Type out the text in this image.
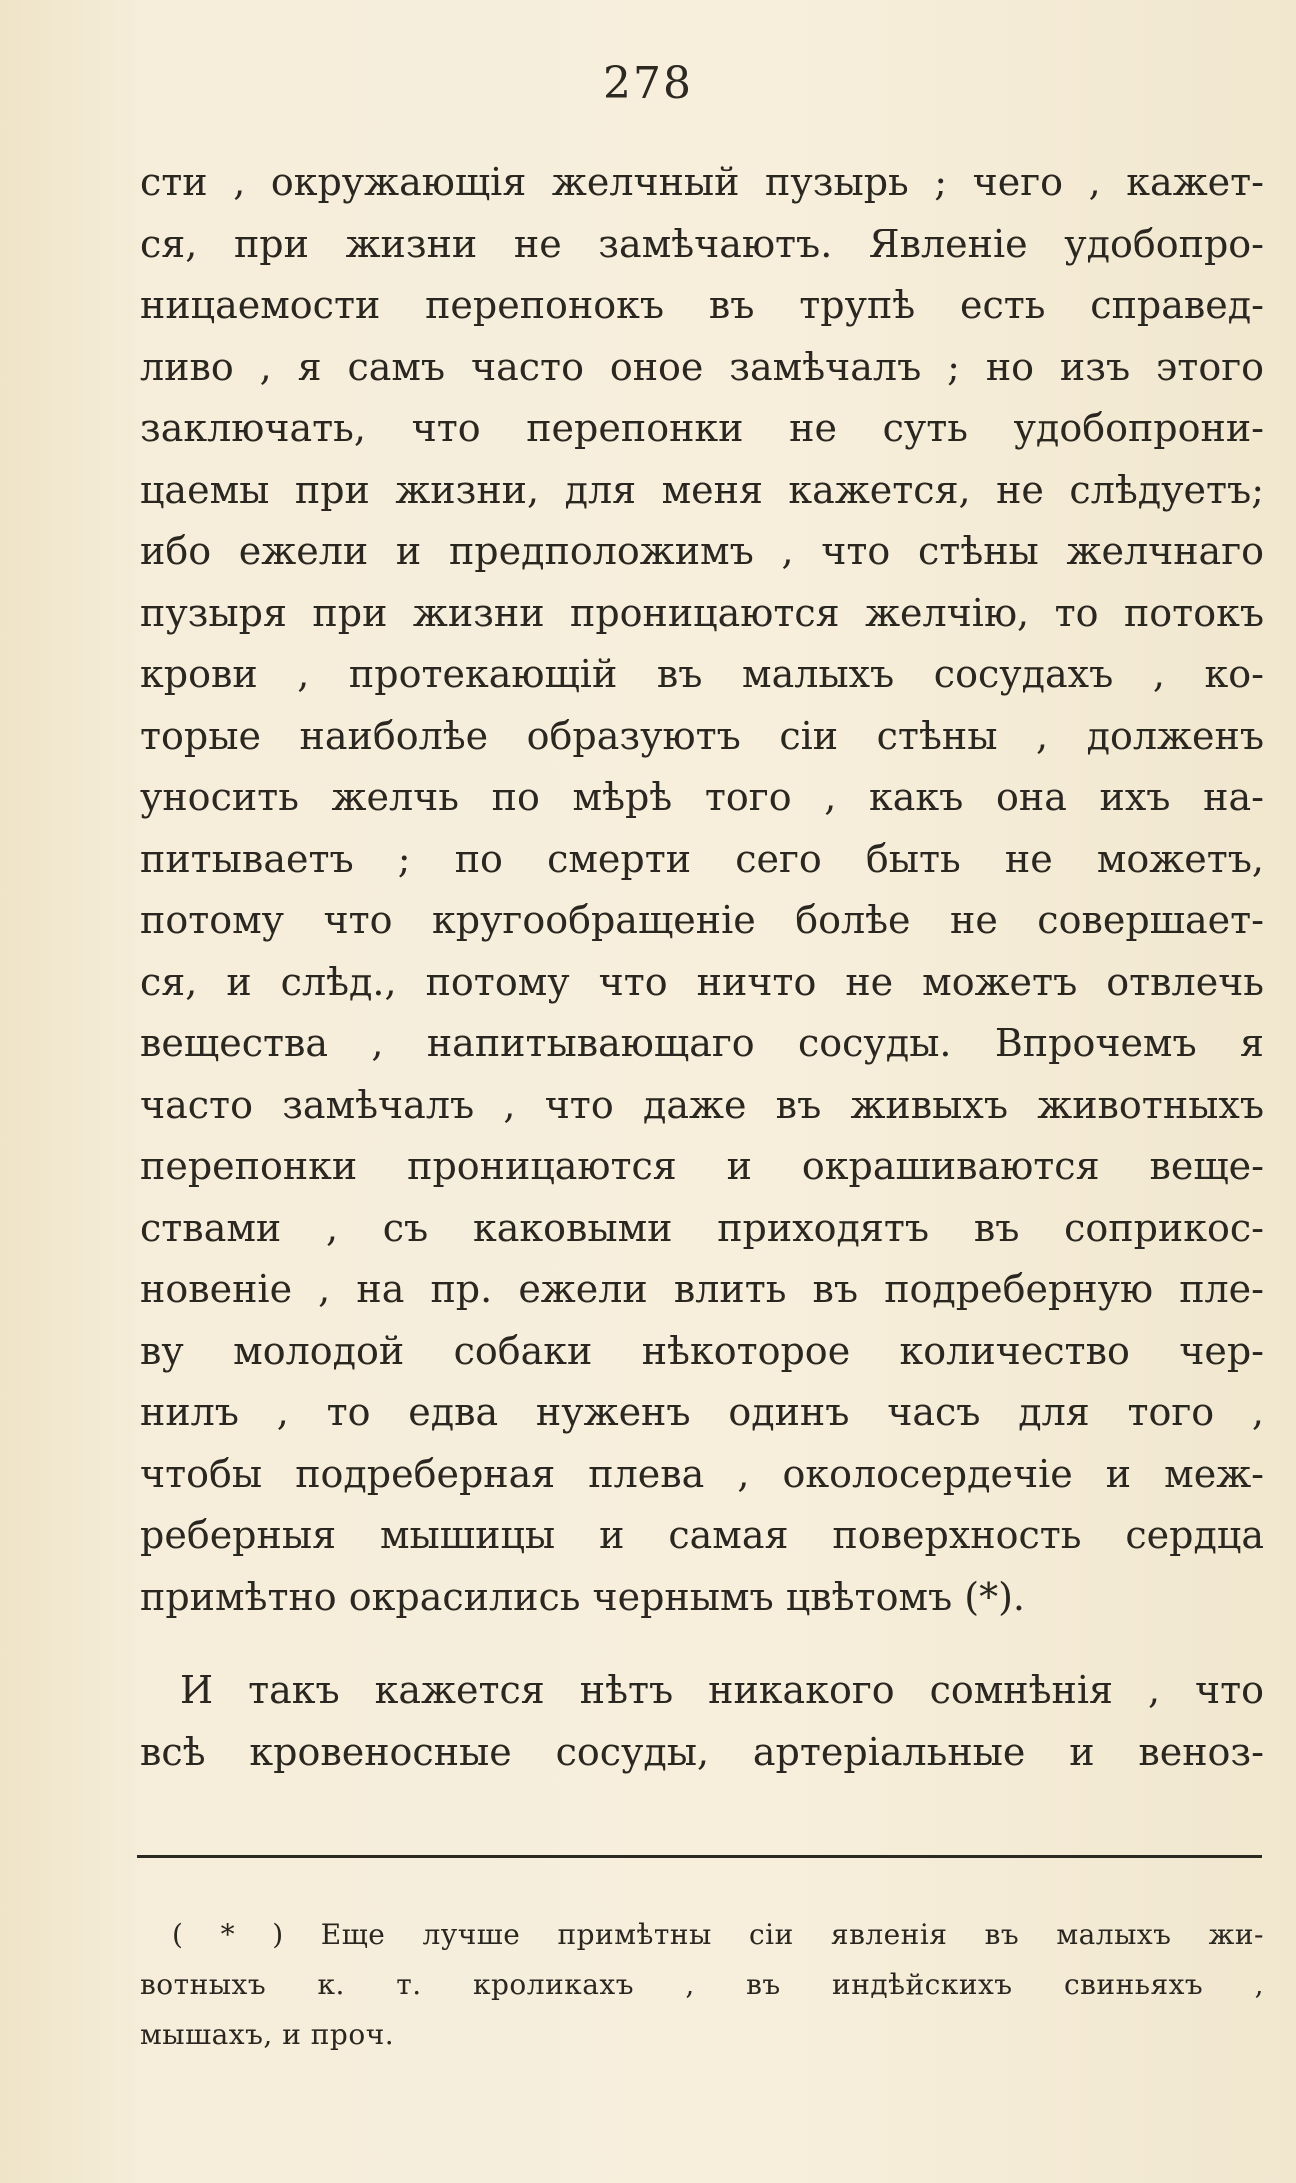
278
сти , окружающія желчный пузырь ; чего , кажет-
ся, при жизни не замѣчаютъ. Явленіе удобопро-
ницаемости перепонокъ въ трупѣ есть справед-
ливо , я самъ часто оное замѣчалъ ; но изъ этого
заключать, что перепонки не суть удобопрони-
цаемы при жизни, для меня кажется, не слѣдуетъ;
ибо ежели и предположимъ , что стѣны желчнаго
пузыря при жизни проницаются желчію, то потокъ
крови , протекающій въ малыхъ сосудахъ , ко-
торые наиболѣе образуютъ сіи стѣны , долженъ
уносить желчь по мѣрѣ того , какъ она ихъ на-
питываетъ ; по смерти сего быть не можетъ,
потому что кругообращеніе болѣе не совершает-
ся, и слѣд., потому что ничто не можетъ отвлечь
вещества , напитывающаго сосуды. Впрочемъ я
часто замѣчалъ , что даже въ живыхъ животныхъ
перепонки проницаются и окрашиваются веще-
ствами , съ каковыми приходятъ въ соприкос-
новеніе , на пр. ежели влить въ подреберную пле-
ву молодой собаки нѣкоторое количество чер-
нилъ , то едва нуженъ одинъ часъ для того ,
чтобы подреберная плева , околосердечіе и меж-
реберныя мышицы и самая поверхность сердца
примѣтно окрасились чернымъ цвѣтомъ (*).
И такъ кажется нѣтъ никакого сомнѣнія , что
всѣ кровеносные сосуды, артеріальные и веноз-
( * ) Еще лучше примѣтны сіи явленія въ малыхъ жи-
вотныхъ к. т. кроликахъ , въ индѣйскихъ свиньяхъ ,
мышахъ, и проч.
